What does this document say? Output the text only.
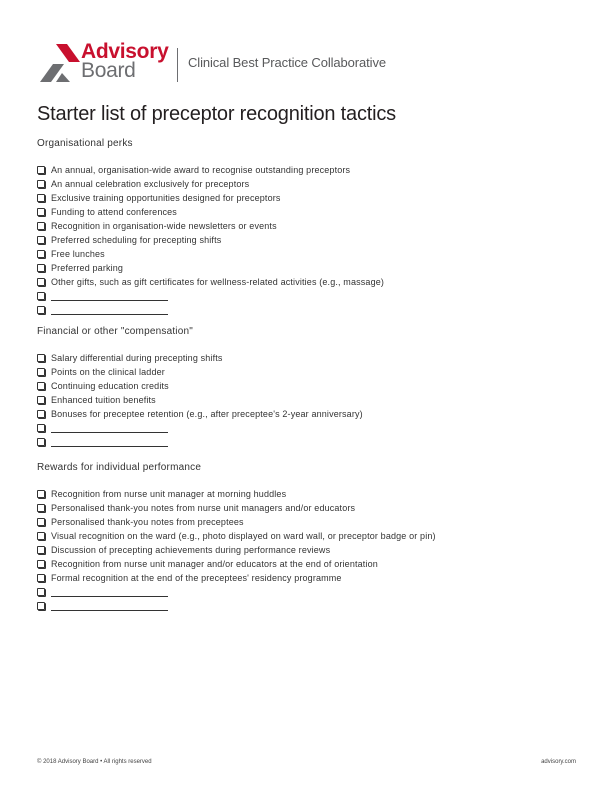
Advisory
Board	Clinical Best Practice Collaborative
Starter list of preceptor recognition tactics

Organisational perks

An annual, organisation-wide award to recognise outstanding preceptors
An annual celebration exclusively for preceptors
Exclusive training opportunities designed for preceptors
Funding to attend conferences
Recognition in organisation-wide newsletters or events
Preferred scheduling for precepting shifts
Free lunches
Preferred parking
Other gifts, such as gift certificates for wellness-related activities (e.g., massage)

Financial or other "compensation"

Salary differential during precepting shifts
Points on the clinical ladder
Continuing education credits
Enhanced tuition benefits
Bonuses for preceptee retention (e.g., after preceptee's 2-year anniversary)

Rewards for individual performance

Recognition from nurse unit manager at morning huddles
Personalised thank-you notes from nurse unit managers and/or educators
Personalised thank-you notes from preceptees
Visual recognition on the ward (e.g., photo displayed on ward wall, or preceptor badge or pin)
Discussion of precepting achievements during performance reviews
Recognition from nurse unit manager and/or educators at the end of orientation
Formal recognition at the end of the preceptees' residency programme
© 2018 Advisory Board • All rights reserved	advisory.com
